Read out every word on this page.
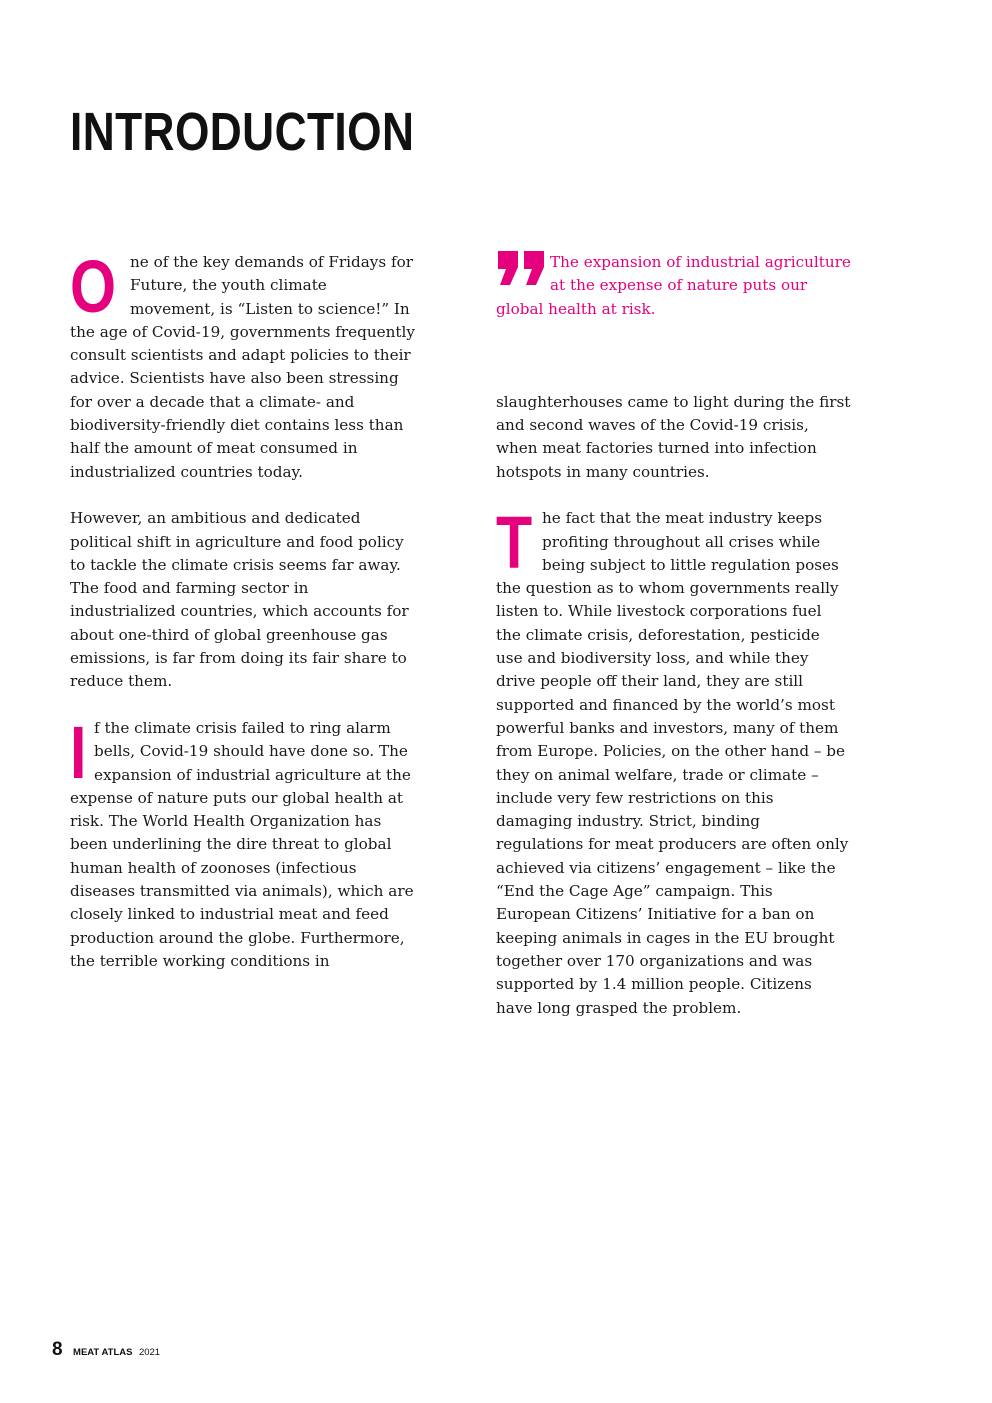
INTRODUCTION

One of the key demands of Fridays for Future, the youth climate movement, is “Listen to science!” In the age of Covid-19, governments frequently consult scientists and adapt policies to their advice. Scientists have also been stressing for over a decade that a climate- and biodiversity-friendly diet contains less than half the amount of meat consumed in industrialized countries today.

However, an ambitious and dedicated political shift in agriculture and food policy to tackle the climate crisis seems far away. The food and farming sector in industrialized countries, which accounts for about one-third of global greenhouse gas emissions, is far from doing its fair share to reduce them.

If the climate crisis failed to ring alarm bells, Covid-19 should have done so. The expansion of industrial agriculture at the expense of nature puts our global health at risk. The World Health Organization has been underlining the dire threat to global human health of zoonoses (infectious diseases transmitted via animals), which are closely linked to industrial meat and feed production around the globe. Furthermore, the terrible working conditions in

The expansion of industrial agriculture at the expense of nature puts our global health at risk.

slaughterhouses came to light during the first and second waves of the Covid-19 crisis, when meat factories turned into infection hotspots in many countries.

The fact that the meat industry keeps profiting throughout all crises while being subject to little regulation poses the question as to whom governments really listen to. While livestock corporations fuel the climate crisis, deforestation, pesticide use and biodiversity loss, and while they drive people off their land, they are still supported and financed by the world’s most powerful banks and investors, many of them from Europe. Policies, on the other hand – be they on animal welfare, trade or climate – include very few restrictions on this damaging industry. Strict, binding regulations for meat producers are often only achieved via citizens’ engagement – like the “End the Cage Age” campaign. This European Citizens’ Initiative for a ban on keeping animals in cages in the EU brought together over 170 organizations and was supported by 1.4 million people. Citizens have long grasped the problem.

8 MEAT ATLAS 2021
